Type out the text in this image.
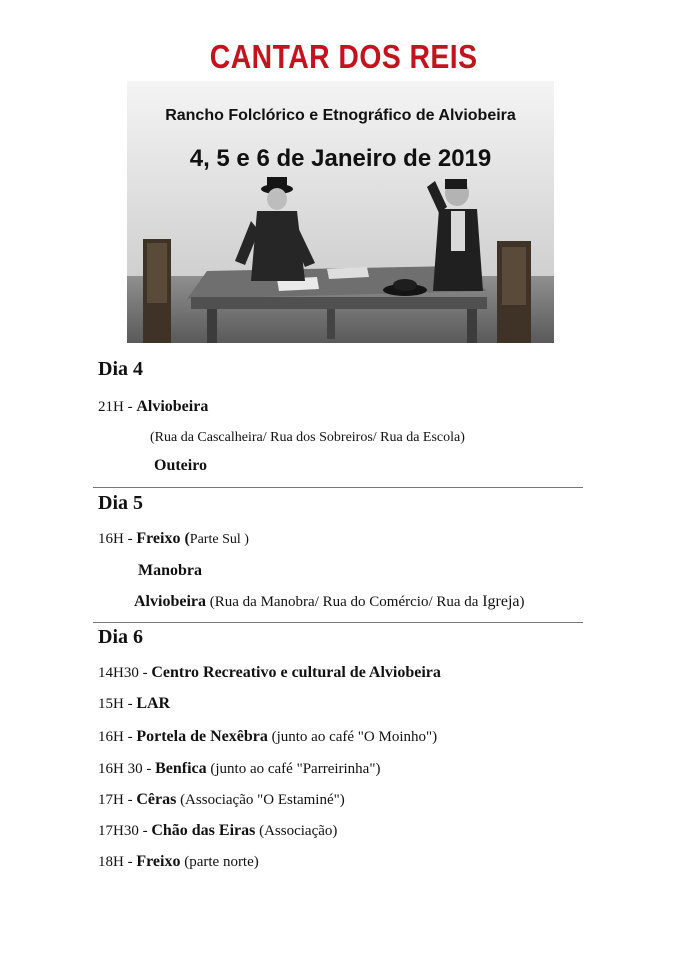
CANTAR DOS REIS
Rancho Folclórico e Etnográfico de Alviobeira
4, 5 e 6 de Janeiro de 2019
Dia 4
21H - Alviobeira
(Rua da Cascalheira/ Rua dos Sobreiros/ Rua da Escola)
Outeiro
Dia 5
16H - Freixo (Parte Sul )
Manobra
Alviobeira (Rua da Manobra/ Rua do Comércio/ Rua da Igreja)
Dia 6
14H30 - Centro Recreativo e cultural de Alviobeira
15H - LAR
16H - Portela de Nexêbra (junto ao café "O Moinho")
16H 30 - Benfica (junto ao café "Parreirinha")
17H - Cêras (Associação "O Estaminé")
17H30 - Chão das Eiras (Associação)
18H - Freixo (parte norte)
